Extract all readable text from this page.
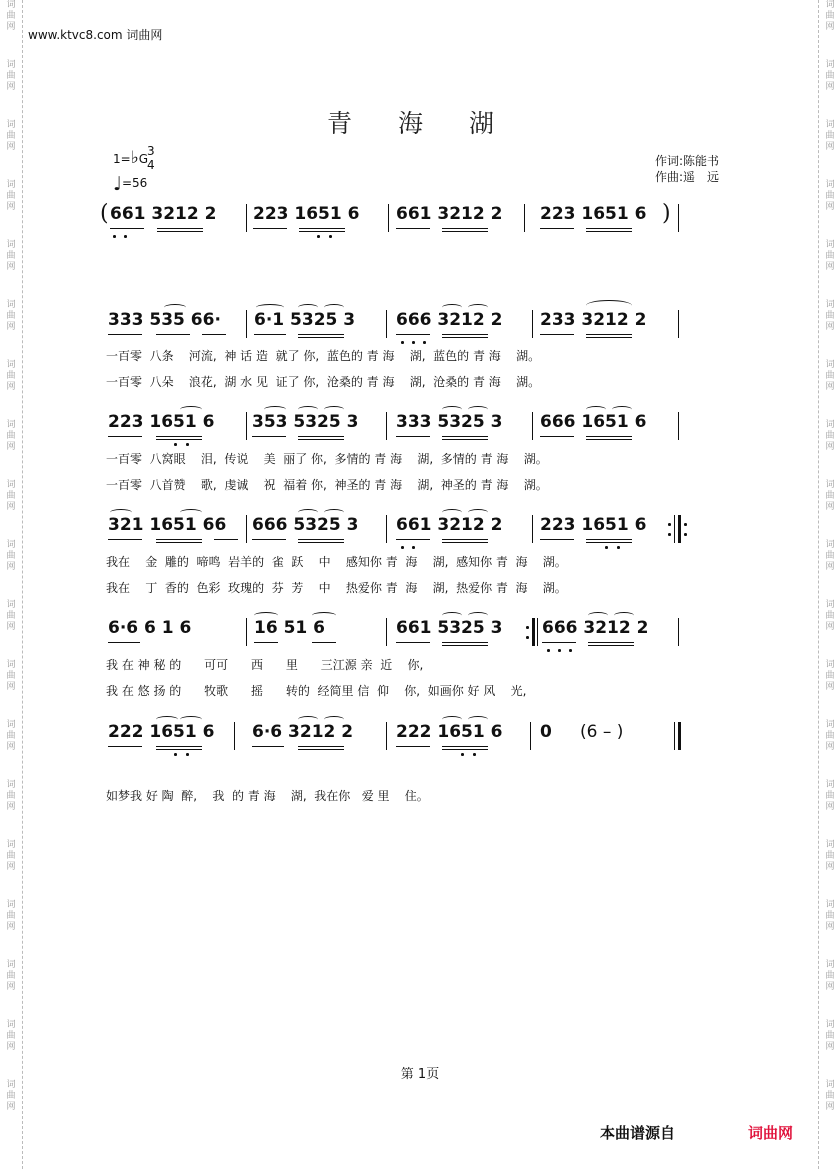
词
曲
网
词
曲
网
词
曲
网
词
曲
网
词
曲
网
词
曲
网
词
曲
网
词
曲
网
词
曲
网
词
曲
网
词
曲
网
词
曲
网
词
曲
网
词
曲
网
词
曲
网
词
曲
网
词
曲
网
词
曲
网
词
曲
网
词
曲
网
词
曲
网
词
曲
网
词
曲
网
词
曲
网
词
曲
网
词
曲
网
词
曲
网
词
曲
网
词
曲
网
词
曲
网
词
曲
网
词
曲
网
词
曲
网
词
曲
网
词
曲
网
词
曲
网
词
曲
网
词
曲
网
www.ktvc8.com 词曲网
青 海 湖
1=♭G
3
4
♩=56
作词:陈能书
作曲:遥　远
( 661 3212 2 223 1651 6 661 3212 2 223 1651 6 )
333 535 66· 6·1 5325 3 666 3212 2 233 3212 2
一百零  八条    河流,  神 话 造  就了 你,  蓝色的 青 海    湖,  蓝色的 青 海    湖。
一百零  八朵    浪花,  湖 水 见  证了 你,  沧桑的 青 海    湖,  沧桑的 青 海    湖。
223 1651 6 353 5325 3 333 5325 3 666 1651 6
一百零  八窝眼    泪,  传说    美  丽了 你,  多情的 青 海    湖,  多情的 青 海    湖。
一百零  八首赞    歌,  虔诚    祝  福着 你,  神圣的 青 海    湖,  神圣的 青 海    湖。
321 1651 66 666 5325 3 661 3212 2 223 1651 6
我在    金  雕的  啼鸣  岩羊的  雀  跃    中    感知你 青  海    湖,  感知你 青  海    湖。
我在    丁  香的  色彩  玫瑰的  芬  芳    中    热爱你 青  海    湖,  热爱你 青  海    湖。
6·6 6 1 6	16 51 6	661 5325 3 666 3212 2
我 在 神 秘 的      可可      西      里      三江源 亲  近    你,
我 在 悠 扬 的      牧歌      摇      转的  经简里 信  仰    你,  如画你 好 风    光,
222 1651 6 6·6 3212 2	222 1651 6 0 (6 – )
如梦我 好 陶  醉,    我  的 青 海    湖,  我在你   爱 里    住。
第 1页
本曲谱源自	词曲网
